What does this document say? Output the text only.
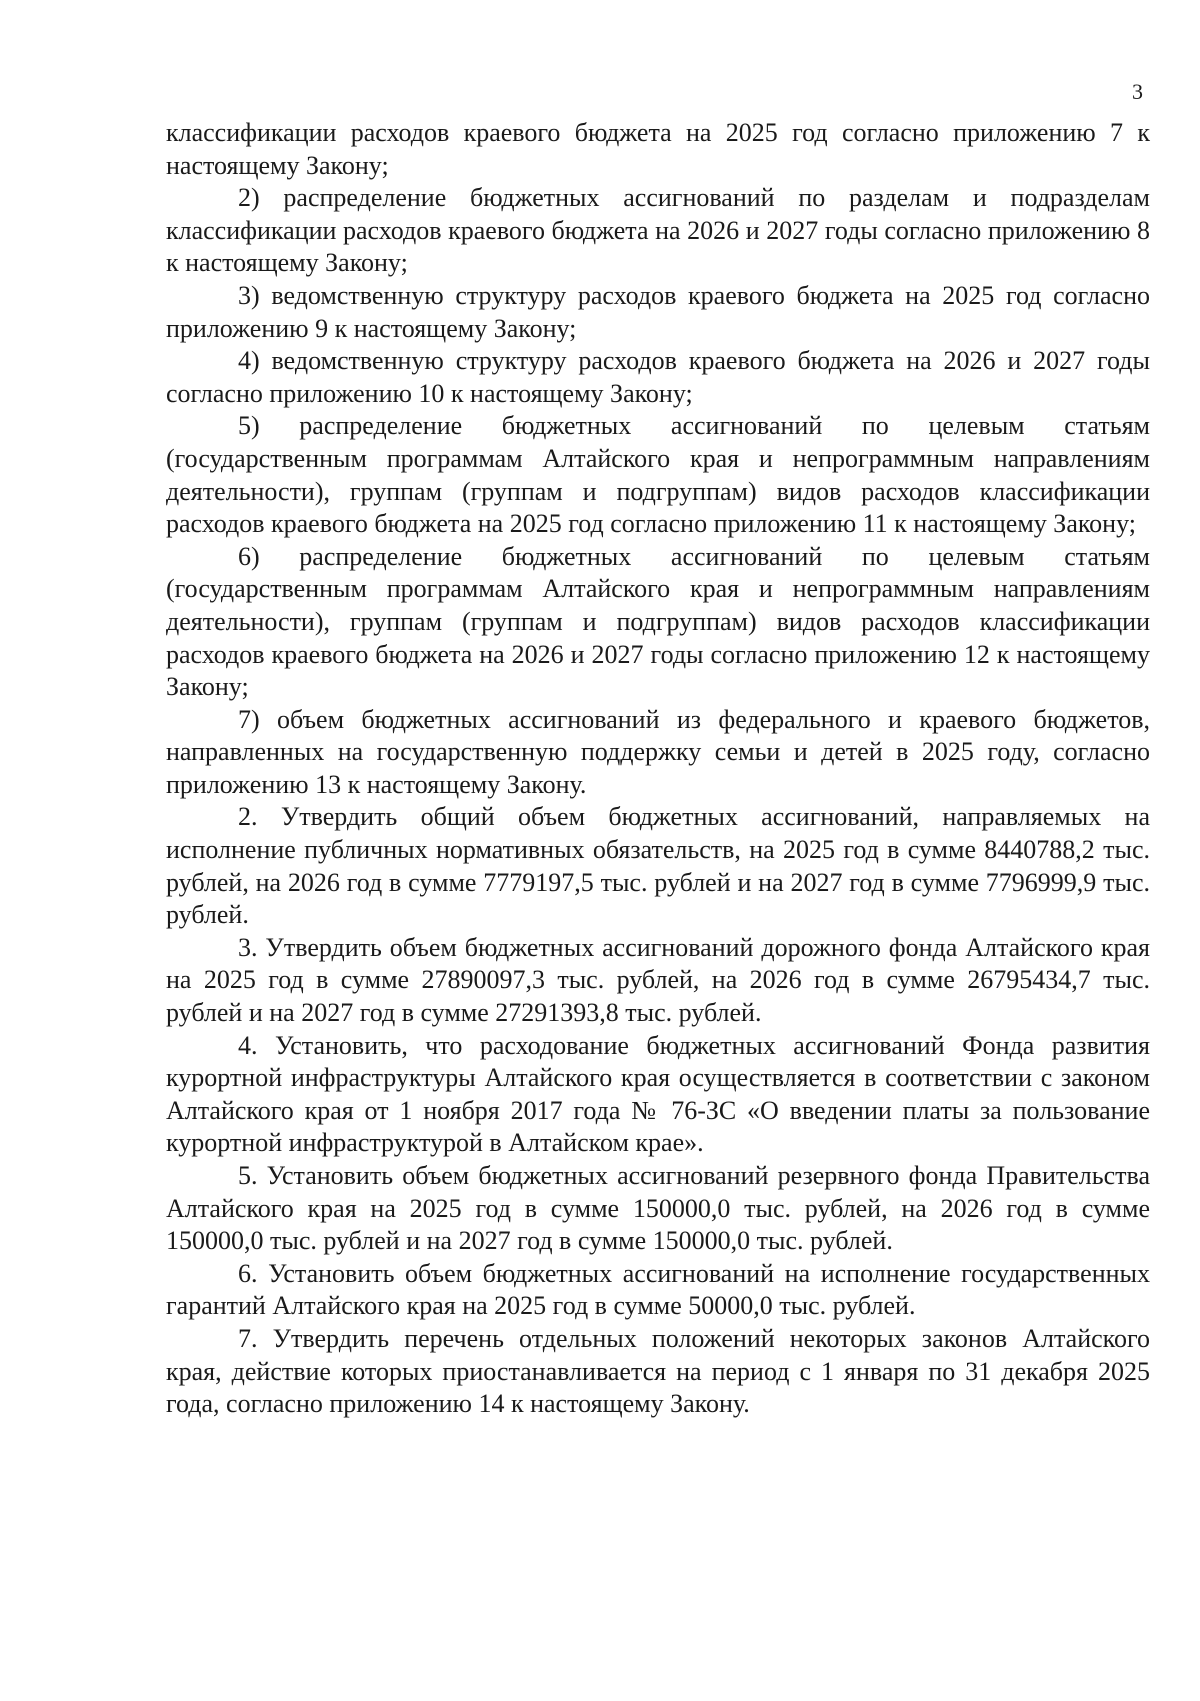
3

классификации расходов краевого бюджета на 2025 год согласно приложению 7 к настоящему Закону;

2) распределение бюджетных ассигнований по разделам и подразделам классификации расходов краевого бюджета на 2026 и 2027 годы согласно приложению 8 к настоящему Закону;

3) ведомственную структуру расходов краевого бюджета на 2025 год согласно приложению 9 к настоящему Закону;

4) ведомственную структуру расходов краевого бюджета на 2026 и 2027 годы согласно приложению 10 к настоящему Закону;

5) распределение бюджетных ассигнований по целевым статьям (государственным программам Алтайского края и непрограммным направлениям деятельности), группам (группам и подгруппам) видов расходов классификации расходов краевого бюджета на 2025 год согласно приложению 11 к настоящему Закону;

6) распределение бюджетных ассигнований по целевым статьям (государственным программам Алтайского края и непрограммным направлениям деятельности), группам (группам и подгруппам) видов расходов классификации расходов краевого бюджета на 2026 и 2027 годы согласно приложению 12 к настоящему Закону;

7) объем бюджетных ассигнований из федерального и краевого бюджетов, направленных на государственную поддержку семьи и детей в 2025 году, согласно приложению 13 к настоящему Закону.

2. Утвердить общий объем бюджетных ассигнований, направляемых на исполнение публичных нормативных обязательств, на 2025 год в сумме 8440788,2 тыс. рублей, на 2026 год в сумме 7779197,5 тыс. рублей и на 2027 год в сумме 7796999,9 тыс. рублей.

3. Утвердить объем бюджетных ассигнований дорожного фонда Алтайского края на 2025 год в сумме 27890097,3 тыс. рублей, на 2026 год в сумме 26795434,7 тыс. рублей и на 2027 год в сумме 27291393,8 тыс. рублей.

4. Установить, что расходование бюджетных ассигнований Фонда развития курортной инфраструктуры Алтайского края осуществляется в соответствии с законом Алтайского края от 1 ноября 2017 года № 76-ЗС «О введении платы за пользование курортной инфраструктурой в Алтайском крае».

5. Установить объем бюджетных ассигнований резервного фонда Правительства Алтайского края на 2025 год в сумме 150000,0 тыс. рублей, на 2026 год в сумме 150000,0 тыс. рублей и на 2027 год в сумме 150000,0 тыс. рублей.

6. Установить объем бюджетных ассигнований на исполнение государственных гарантий Алтайского края на 2025 год в сумме 50000,0 тыс. рублей.

7. Утвердить перечень отдельных положений некоторых законов Алтайского края, действие которых приостанавливается на период с 1 января по 31 декабря 2025 года, согласно приложению 14 к настоящему Закону.
